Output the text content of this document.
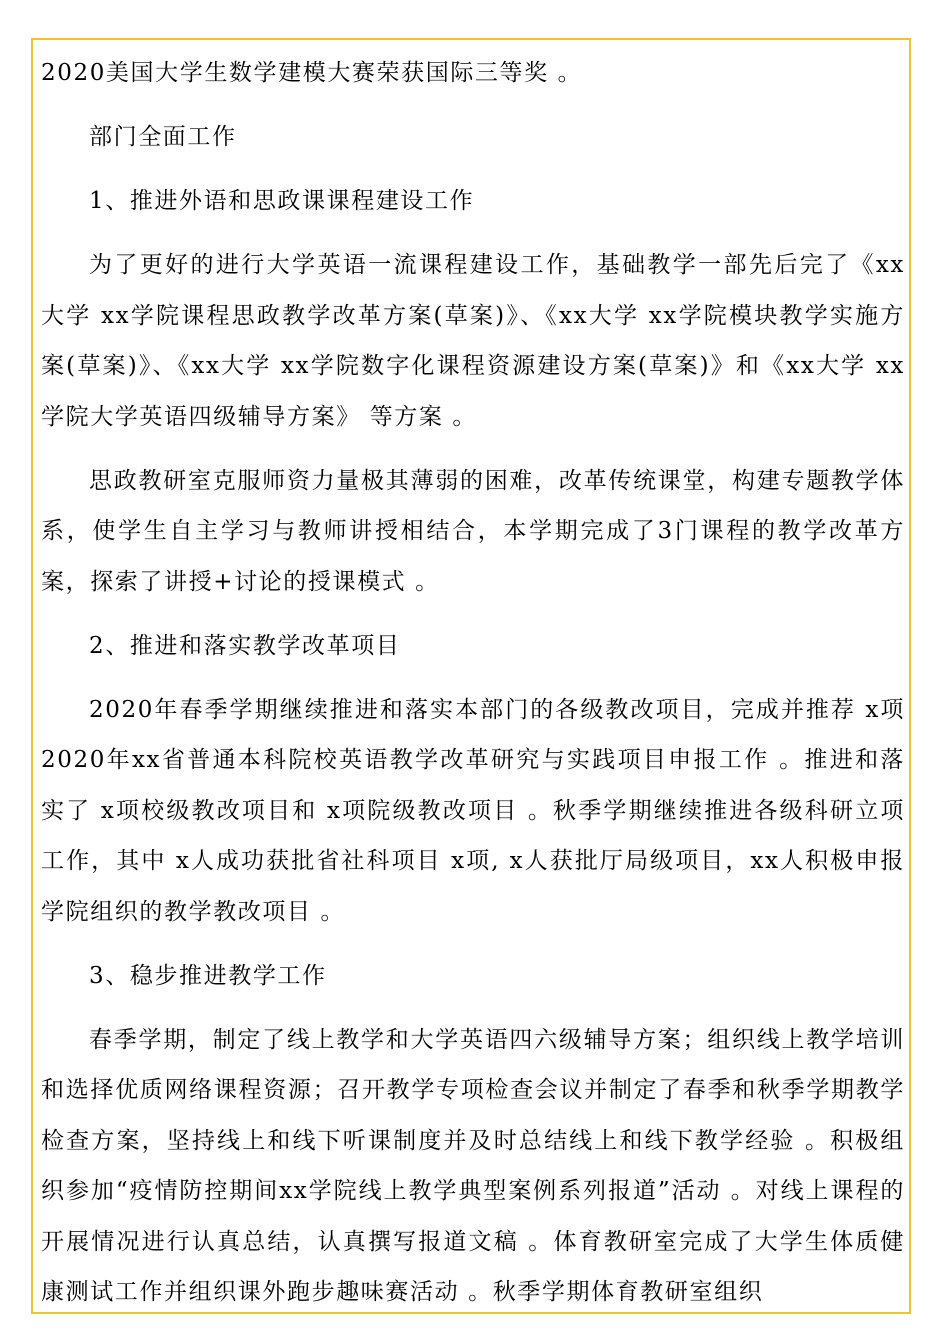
2020美国大学生数学建模大赛荣获国际三等奖 。

部门全面工作

1、推进外语和思政课课程建设工作

为了更好的进行大学英语一流课程建设工作，基础教学一部先后完了《xx大学 xx学院课程思政教学改革方案(草案)》、《xx大学 xx学院模块教学实施方案(草案)》、《xx大学 xx学院数字化课程资源建设方案(草案)》和《xx大学 xx学院大学英语四级辅导方案》 等方案 。

思政教研室克服师资力量极其薄弱的困难，改革传统课堂，构建专题教学体系，使学生自主学习与教师讲授相结合，本学期完成了3门课程的教学改革方案，探索了讲授+讨论的授课模式 。

2、推进和落实教学改革项目

2020年春季学期继续推进和落实本部门的各级教改项目，完成并推荐 x项2020年xx省普通本科院校英语教学改革研究与实践项目申报工作 。推进和落实了 x项校级教改项目和 x项院级教改项目 。秋季学期继续推进各级科研立项工作，其中 x人成功获批省社科项目 x项, x人获批厅局级项目，xx人积极申报学院组织的教学教改项目 。

3、稳步推进教学工作

春季学期，制定了线上教学和大学英语四六级辅导方案；组织线上教学培训和选择优质网络课程资源；召开教学专项检查会议并制定了春季和秋季学期教学检查方案，坚持线上和线下听课制度并及时总结线上和线下教学经验 。积极组织参加“疫情防控期间xx学院线上教学典型案例系列报道”活动 。对线上课程的开展情况进行认真总结，认真撰写报道文稿 。体育教研室完成了大学生体质健康测试工作并组织课外跑步趣味赛活动 。秋季学期体育教研室组织
